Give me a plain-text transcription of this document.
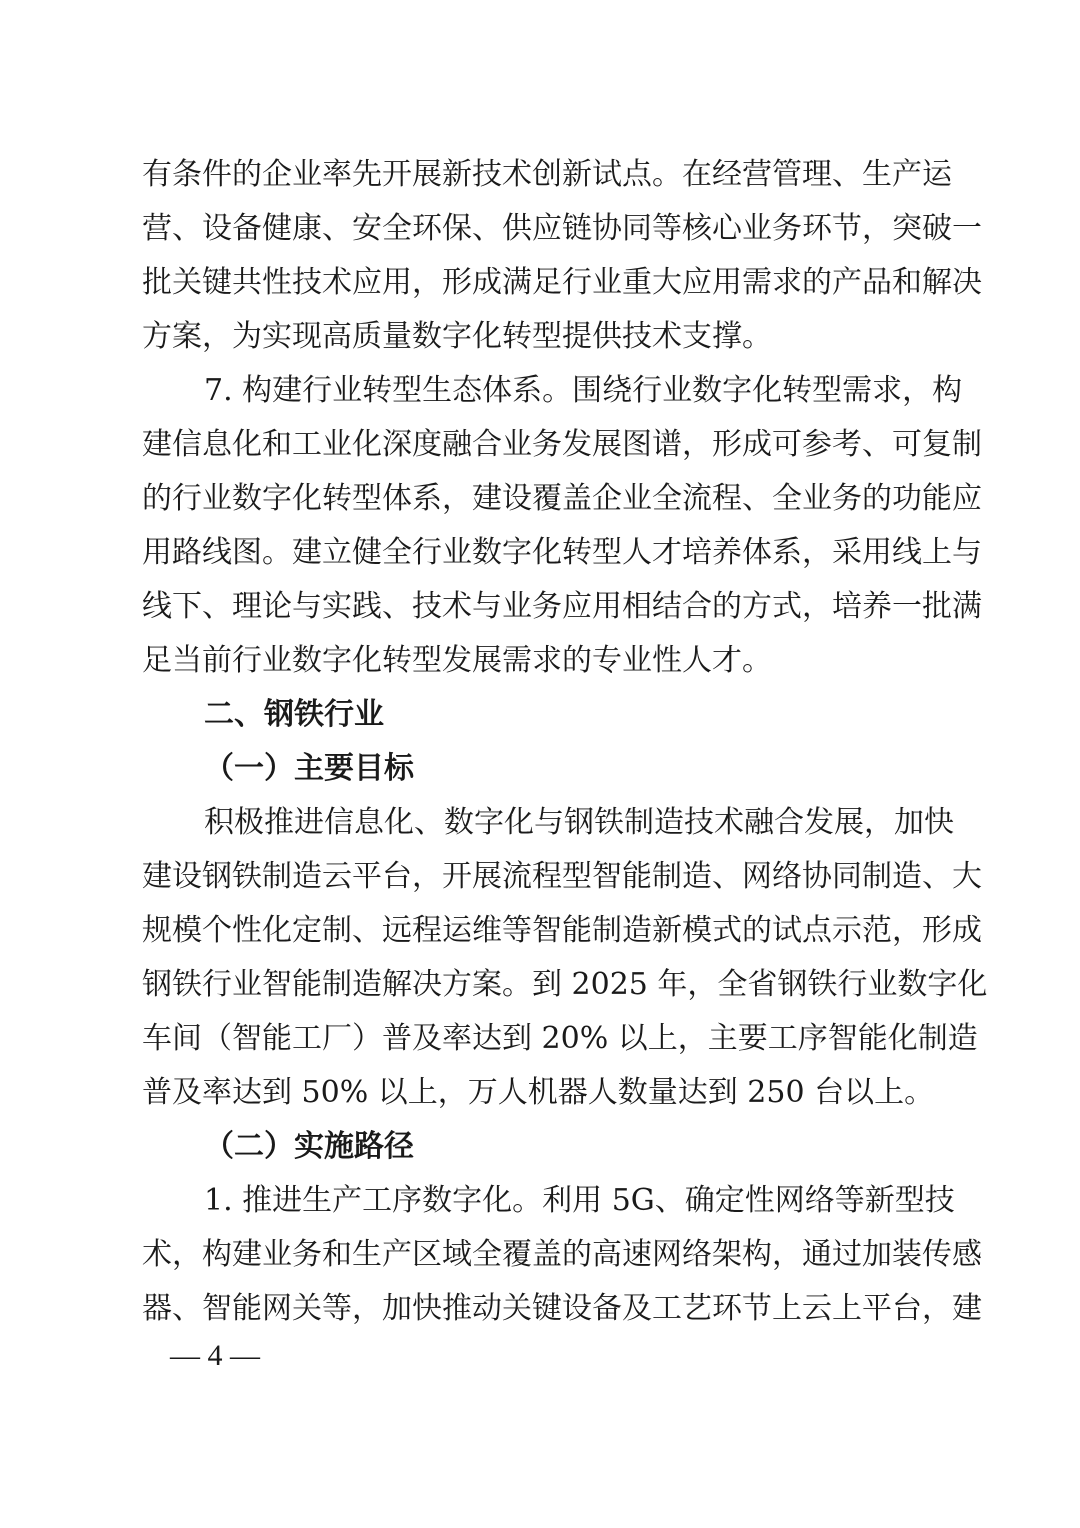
有条件的企业率先开展新技术创新试点。在经营管理、生产运
营、设备健康、安全环保、供应链协同等核心业务环节，突破一
批关键共性技术应用，形成满足行业重大应用需求的产品和解决
方案，为实现高质量数字化转型提供技术支撑。
7. 构建行业转型生态体系。围绕行业数字化转型需求，构
建信息化和工业化深度融合业务发展图谱，形成可参考、可复制
的行业数字化转型体系，建设覆盖企业全流程、全业务的功能应
用路线图。建立健全行业数字化转型人才培养体系，采用线上与
线下、理论与实践、技术与业务应用相结合的方式，培养一批满
足当前行业数字化转型发展需求的专业性人才。
二、钢铁行业
（一）主要目标
积极推进信息化、数字化与钢铁制造技术融合发展，加快
建设钢铁制造云平台，开展流程型智能制造、网络协同制造、大
规模个性化定制、远程运维等智能制造新模式的试点示范，形成
钢铁行业智能制造解决方案。到 2025 年，全省钢铁行业数字化
车间（智能工厂）普及率达到 20% 以上，主要工序智能化制造
普及率达到 50% 以上，万人机器人数量达到 250 台以上。
（二）实施路径
1. 推进生产工序数字化。利用 5G、确定性网络等新型技
术，构建业务和生产区域全覆盖的高速网络架构，通过加装传感
器、智能网关等，加快推动关键设备及工艺环节上云上平台，建
— 4 —
